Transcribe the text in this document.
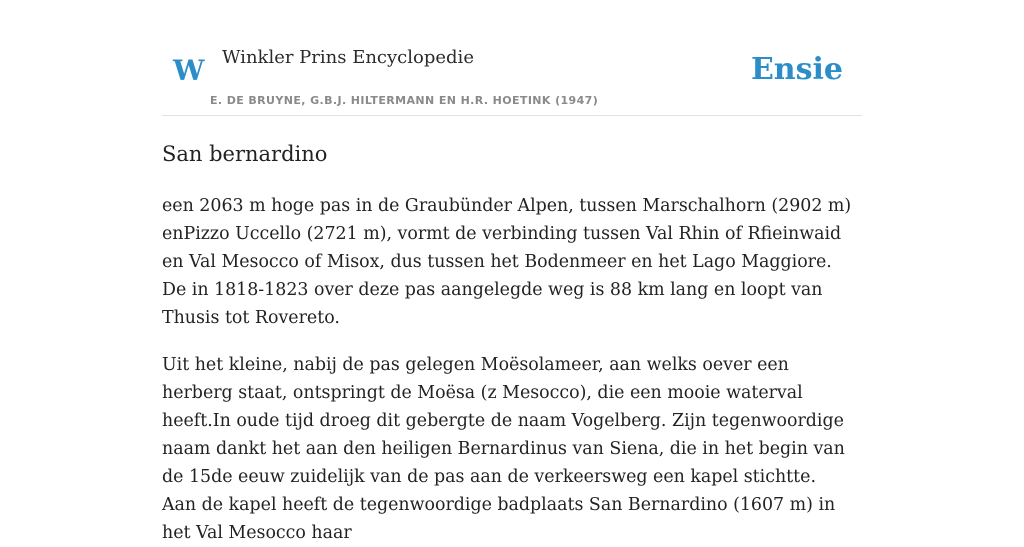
W Winkler Prins Encyclopedie
E. DE BRUYNE, G.B.J. HILTERMANN EN H.R. HOETINK (1947)
Ensie
San bernardino

een 2063 m hoge pas in de Graubünder Alpen, tussen Marschalhorn (2902 m) enPizzo Uccello (2721 m), vormt de verbinding tussen Val Rhin of Rfieinwaid en Val Mesocco of Misox, dus tussen het Bodenmeer en het Lago Maggiore. De in 1818-1823 over deze pas aangelegde weg is 88 km lang en loopt van Thusis tot Rovereto.

Uit het kleine, nabij de pas gelegen Moësolameer, aan welks oever een herberg staat, ontspringt de Moësa (z Mesocco), die een mooie waterval heeft.In oude tijd droeg dit gebergte de naam Vogelberg. Zijn tegenwoordige naam dankt het aan den heiligen Bernardinus van Siena, die in het begin van de 15de eeuw zuidelijk van de pas aan de verkeersweg een kapel stichtte. Aan de kapel heeft de tegenwoordige badplaats San Bernardino (1607 m) in het Val Mesocco haar
